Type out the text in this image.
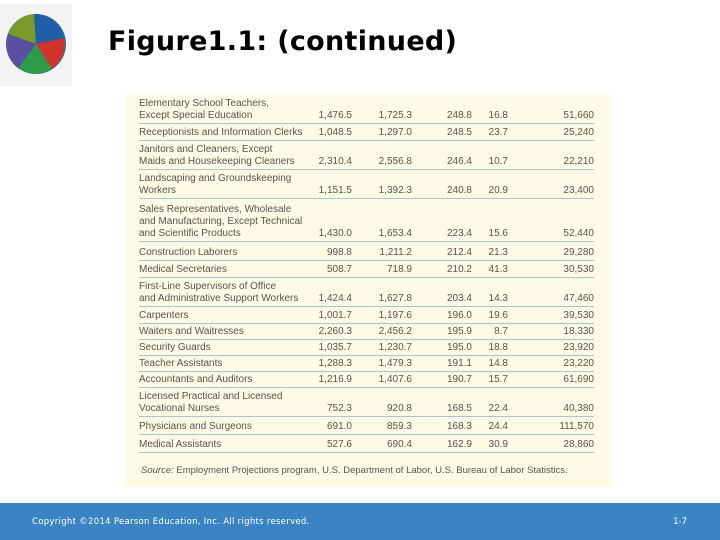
Figure1.1: (continued)
Elementary School Teachers,
Except Special Education	1,476.5	1,725.3	248.8	16.8	51,660
Receptionists and Information Clerks	1,048.5	1,297.0	248.5	23.7	25,240
Janitors and Cleaners, Except
Maids and Housekeeping Cleaners	2,310.4	2,556.8	246.4	10.7	22,210
Landscaping and Groundskeeping
Workers	1,151.5	1,392.3	240.8	20.9	23,400
Sales Representatives, Wholesale
and Manufacturing, Except Technical
and Scientific Products	1,430.0	1,653.4	223.4	15.6	52,440
Construction Laborers	998.8	1,211.2	212.4	21.3	29,280
Medical Secretaries	508.7	718.9	210.2	41.3	30,530
First-Line Supervisors of Office
and Administrative Support Workers	1,424.4	1,627.8	203.4	14.3	47,460
Carpenters	1,001.7	1,197.6	196.0	19.6	39,530
Waiters and Waitresses	2,260.3	2,456.2	195.9	8.7	18,330
Security Guards	1,035.7	1,230.7	195.0	18.8	23,920
Teacher Assistants	1,288.3	1,479.3	191.1	14.8	23,220
Accountants and Auditors	1,216.9	1,407.6	190.7	15.7	61,690
Licensed Practical and Licensed
Vocational Nurses	752.3	920.8	168.5	22.4	40,380
Physicians and Surgeons	691.0	859.3	168.3	24.4	111,570
Medical Assistants	527.6	690.4	162.9	30.9	28,860
Source: Employment Projections program, U.S. Department of Labor, U.S. Bureau of Labor Statistics.
Copyright ©2014 Pearson Education, Inc. All rights reserved.	1-7
